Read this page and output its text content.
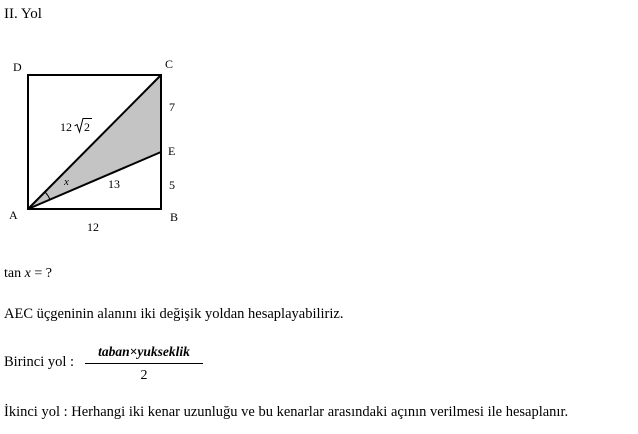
II. Yol
D	C
E
A	B
12 2
13
12
7
5
x
tan x = ?
AEC üçgeninin alanını iki değişik yoldan hesaplayabiliriz.
Birinci yol :
taban×yukseklik
2
İkinci yol : Herhangi iki kenar uzunluğu ve bu kenarlar arasındaki açının verilmesi ile hesaplanır.
